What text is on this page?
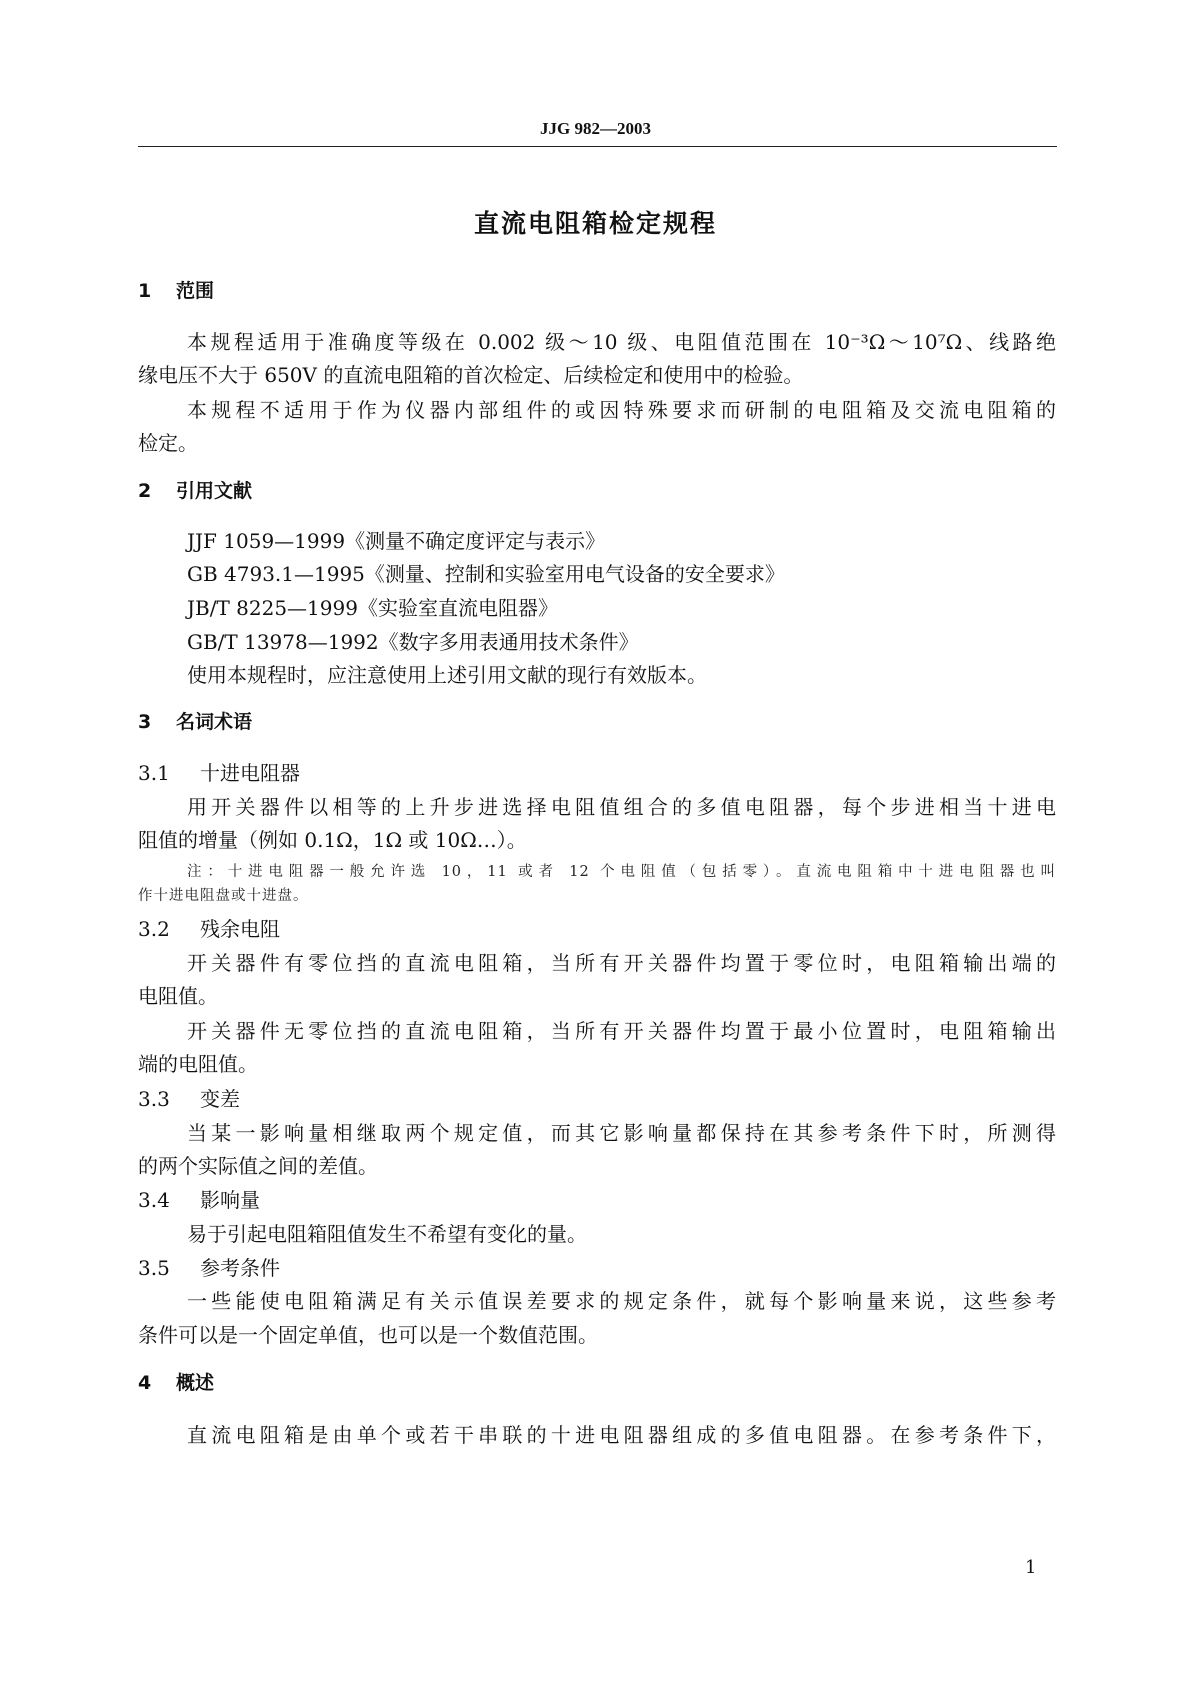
JJG 982—2003
直流电阻箱检定规程
1 范围
本规程适用于准确度等级在 0.002 级～10 级、电阻值范围在 10⁻³Ω～10⁷Ω、线路绝
缘电压不大于 650V 的直流电阻箱的首次检定、后续检定和使用中的检验。
本规程不适用于作为仪器内部组件的或因特殊要求而研制的电阻箱及交流电阻箱的
检定。
2 引用文献
JJF 1059—1999《测量不确定度评定与表示》
GB 4793.1—1995《测量、控制和实验室用电气设备的安全要求》
JB/T 8225—1999《实验室直流电阻器》
GB/T 13978—1992《数字多用表通用技术条件》
使用本规程时，应注意使用上述引用文献的现行有效版本。
3 名词术语
3.1 十进电阻器
用开关器件以相等的上升步进选择电阻值组合的多值电阻器，每个步进相当十进电
阻值的增量（例如 0.1Ω，1Ω 或 10Ω…）。
注：十进电阻器一般允许选 10，11 或者 12 个电阻值（包括零）。直流电阻箱中十进电阻器也叫
作十进电阻盘或十进盘。
3.2 残余电阻
开关器件有零位挡的直流电阻箱，当所有开关器件均置于零位时，电阻箱输出端的
电阻值。
开关器件无零位挡的直流电阻箱，当所有开关器件均置于最小位置时，电阻箱输出
端的电阻值。
3.3 变差
当某一影响量相继取两个规定值，而其它影响量都保持在其参考条件下时，所测得
的两个实际值之间的差值。
3.4 影响量
易于引起电阻箱阻值发生不希望有变化的量。
3.5 参考条件
一些能使电阻箱满足有关示值误差要求的规定条件，就每个影响量来说，这些参考
条件可以是一个固定单值，也可以是一个数值范围。
4 概述
直流电阻箱是由单个或若干串联的十进电阻器组成的多值电阻器。在参考条件下，
1
